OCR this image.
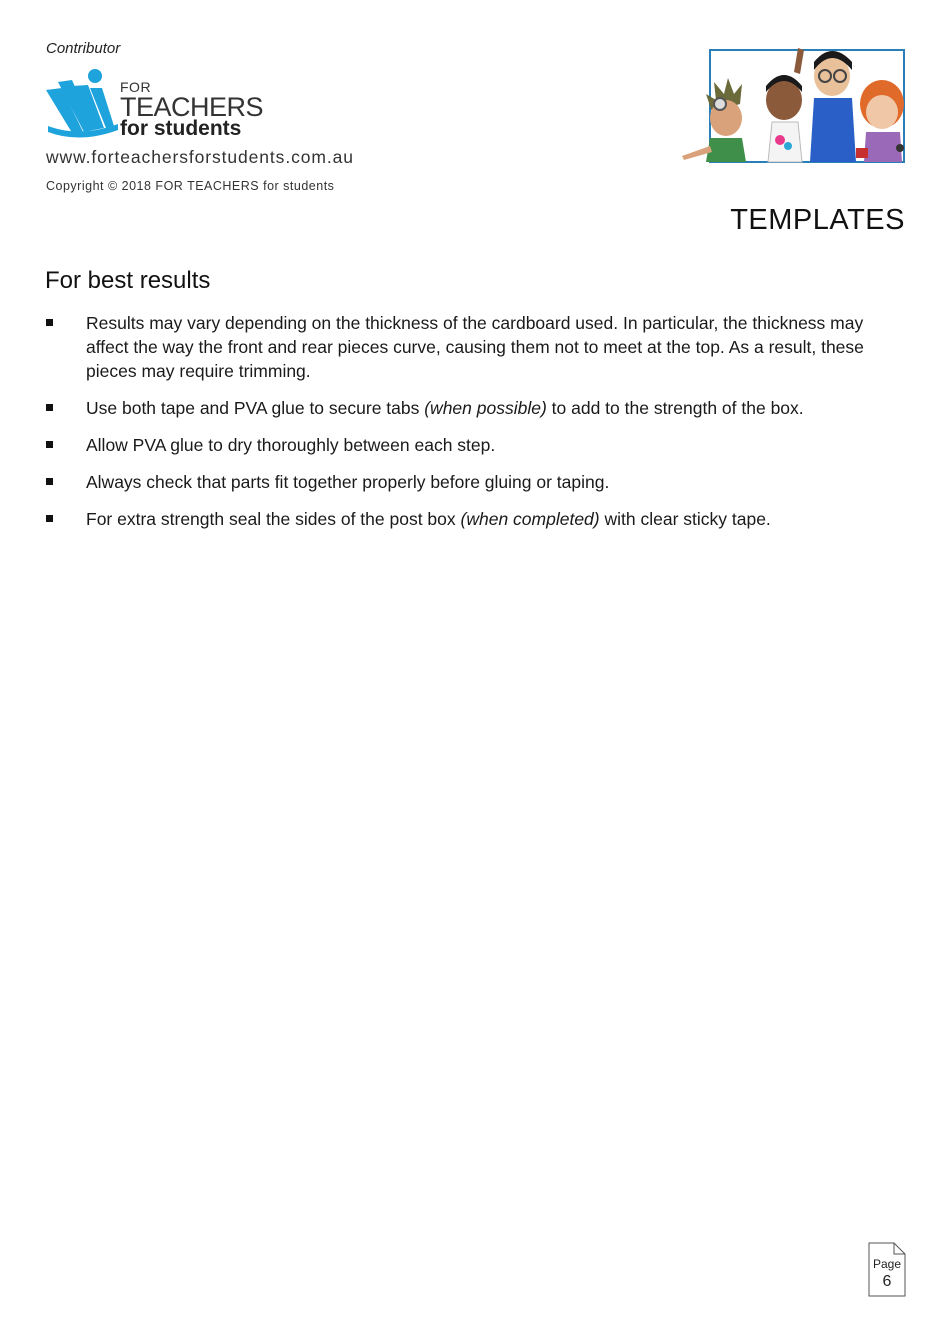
Contributor
FOR
TEACHERS
for students
www.forteachersforstudents.com.au
Copyright © 2018 FOR TEACHERS for students
TEMPLATES
For best results
Results may vary depending on the thickness of the cardboard used. In particular, the thickness may affect the way the front and rear pieces curve, causing them not to meet at the top. As a result, these pieces may require trimming.
Use both tape and PVA glue to secure tabs (when possible) to add to the strength of the box.
Allow PVA glue to dry thoroughly between each step.
Always check that parts fit together properly before gluing or taping.
For extra strength seal the sides of the post box (when completed) with clear sticky tape.
Page
6
